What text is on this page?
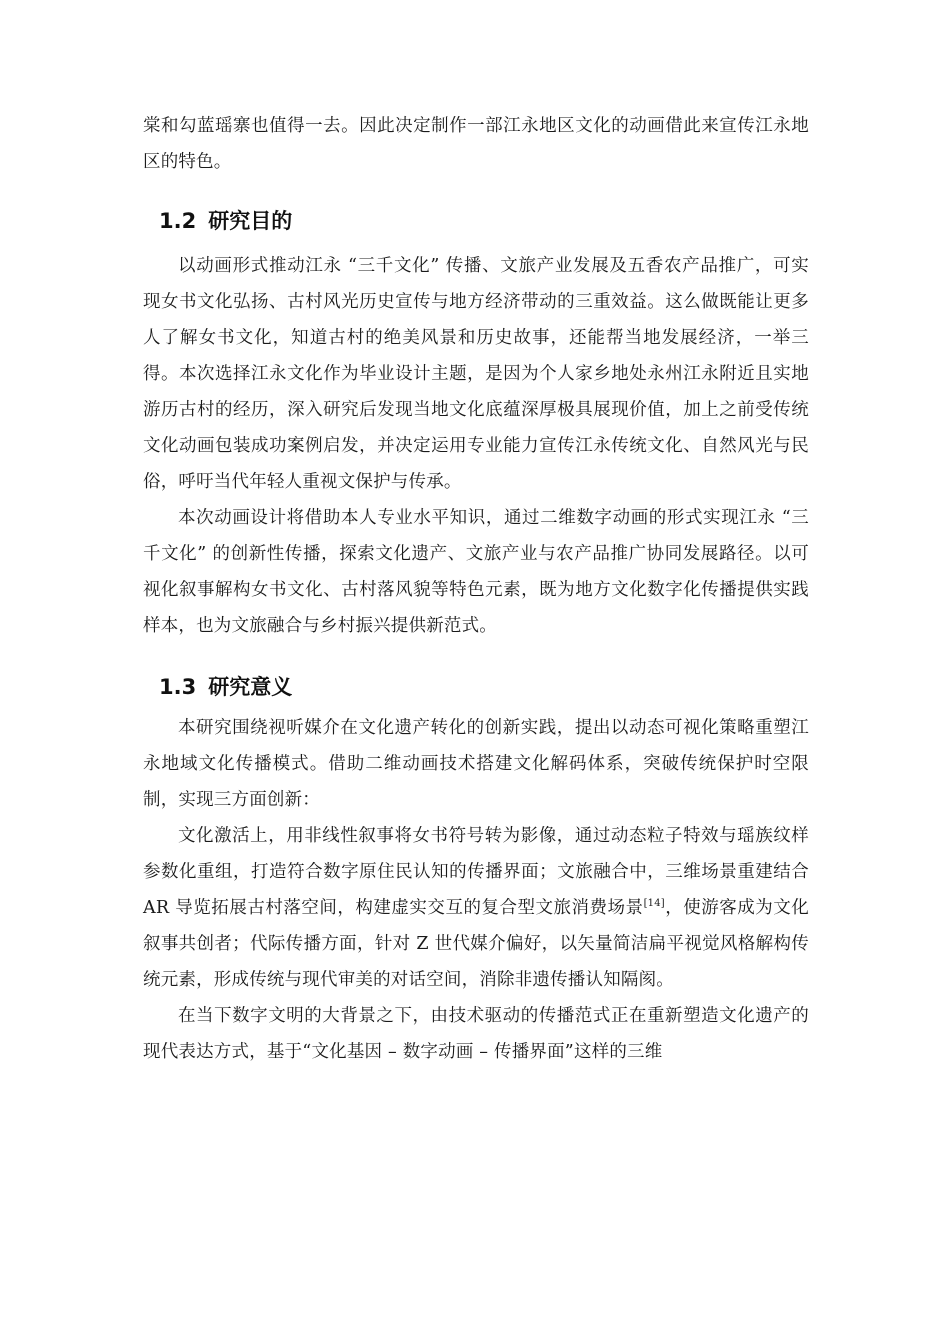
棠和勾蓝瑶寨也值得一去。因此决定制作一部江永地区文化的动画借此来宣传江永地区的特色。

1.2 研究目的

以动画形式推动江永 “三千文化” 传播、文旅产业发展及五香农产品推广，可实现女书文化弘扬、古村风光历史宣传与地方经济带动的三重效益。这么做既能让更多人了解女书文化，知道古村的绝美风景和历史故事，还能帮当地发展经济，一举三得。本次选择江永文化作为毕业设计主题，是因为个人家乡地处永州江永附近且实地游历古村的经历，深入研究后发现当地文化底蕴深厚极具展现价值，加上之前受传统文化动画包装成功案例启发，并决定运用专业能力宣传江永传统文化、自然风光与民俗，呼吁当代年轻人重视文保护与传承。

本次动画设计将借助本人专业水平知识，通过二维数字动画的形式实现江永 “三千文化” 的创新性传播，探索文化遗产、文旅产业与农产品推广协同发展路径。以可视化叙事解构女书文化、古村落风貌等特色元素，既为地方文化数字化传播提供实践样本，也为文旅融合与乡村振兴提供新范式。

1.3 研究意义

本研究围绕视听媒介在文化遗产转化的创新实践，提出以动态可视化策略重塑江永地域文化传播模式。借助二维动画技术搭建文化解码体系，突破传统保护时空限制，实现三方面创新：

文化激活上，用非线性叙事将女书符号转为影像，通过动态粒子特效与瑶族纹样参数化重组，打造符合数字原住民认知的传播界面；文旅融合中，三维场景重建结合 AR 导览拓展古村落空间，构建虚实交互的复合型文旅消费场景[14]，使游客成为文化叙事共创者；代际传播方面，针对 Z 世代媒介偏好，以矢量简洁扁平视觉风格解构传统元素，形成传统与现代审美的对话空间，消除非遗传播认知隔阂。

在当下数字文明的大背景之下，由技术驱动的传播范式正在重新塑造文化遗产的现代表达方式，基于“文化基因 – 数字动画 – 传播界面”这样的三维
